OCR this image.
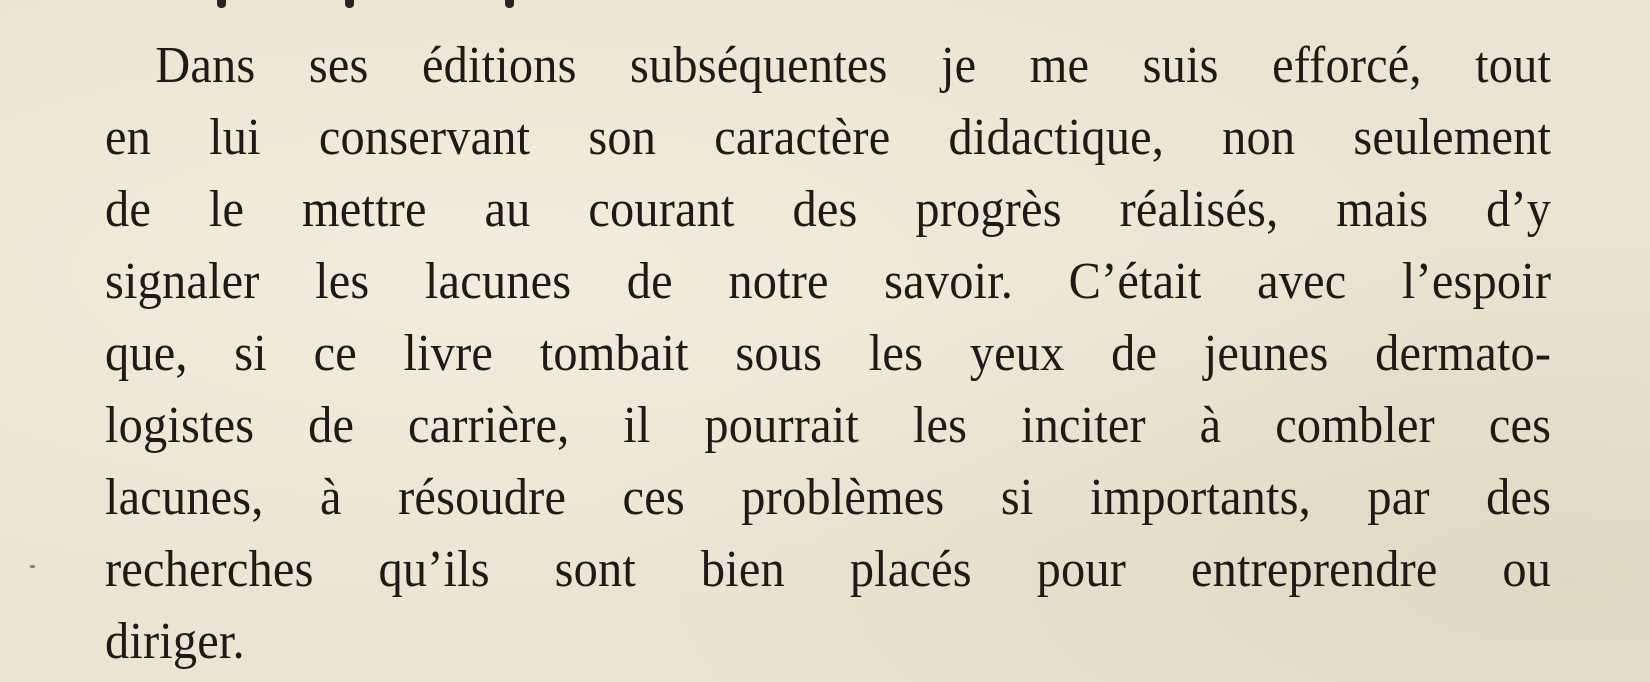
Dans ses éditions subséquentes je me suis efforcé, tout
en lui conservant son caractère didactique, non seulement
de le mettre au courant des progrès réalisés, mais d’y
signaler les lacunes de notre savoir. C’était avec l’espoir
que, si ce livre tombait sous les yeux de jeunes dermato-
logistes de carrière, il pourrait les inciter à combler ces
lacunes, à résoudre ces problèmes si importants, par des
recherches qu’ils sont bien placés pour entreprendre ou
diriger.
